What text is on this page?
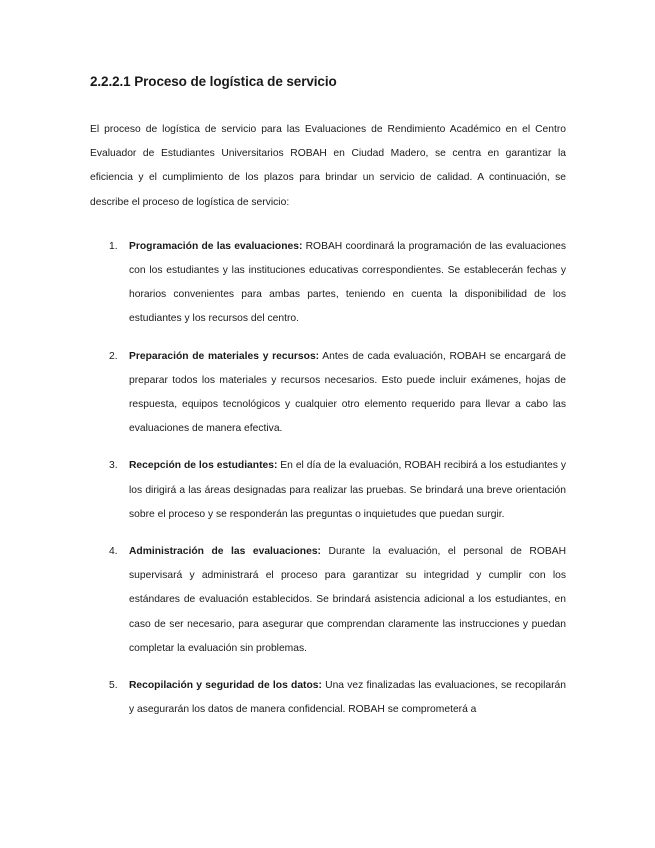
2.2.2.1 Proceso de logística de servicio

El proceso de logística de servicio para las Evaluaciones de Rendimiento Académico en el Centro Evaluador de Estudiantes Universitarios ROBAH en Ciudad Madero, se centra en garantizar la eficiencia y el cumplimiento de los plazos para brindar un servicio de calidad. A continuación, se describe el proceso de logística de servicio:

1. Programación de las evaluaciones: ROBAH coordinará la programación de las evaluaciones con los estudiantes y las instituciones educativas correspondientes. Se establecerán fechas y horarios convenientes para ambas partes, teniendo en cuenta la disponibilidad de los estudiantes y los recursos del centro.
2. Preparación de materiales y recursos: Antes de cada evaluación, ROBAH se encargará de preparar todos los materiales y recursos necesarios. Esto puede incluir exámenes, hojas de respuesta, equipos tecnológicos y cualquier otro elemento requerido para llevar a cabo las evaluaciones de manera efectiva.
3. Recepción de los estudiantes: En el día de la evaluación, ROBAH recibirá a los estudiantes y los dirigirá a las áreas designadas para realizar las pruebas. Se brindará una breve orientación sobre el proceso y se responderán las preguntas o inquietudes que puedan surgir.
4. Administración de las evaluaciones: Durante la evaluación, el personal de ROBAH supervisará y administrará el proceso para garantizar su integridad y cumplir con los estándares de evaluación establecidos. Se brindará asistencia adicional a los estudiantes, en caso de ser necesario, para asegurar que comprendan claramente las instrucciones y puedan completar la evaluación sin problemas.
5. Recopilación y seguridad de los datos: Una vez finalizadas las evaluaciones, se recopilarán y asegurarán los datos de manera confidencial. ROBAH se comprometerá a
